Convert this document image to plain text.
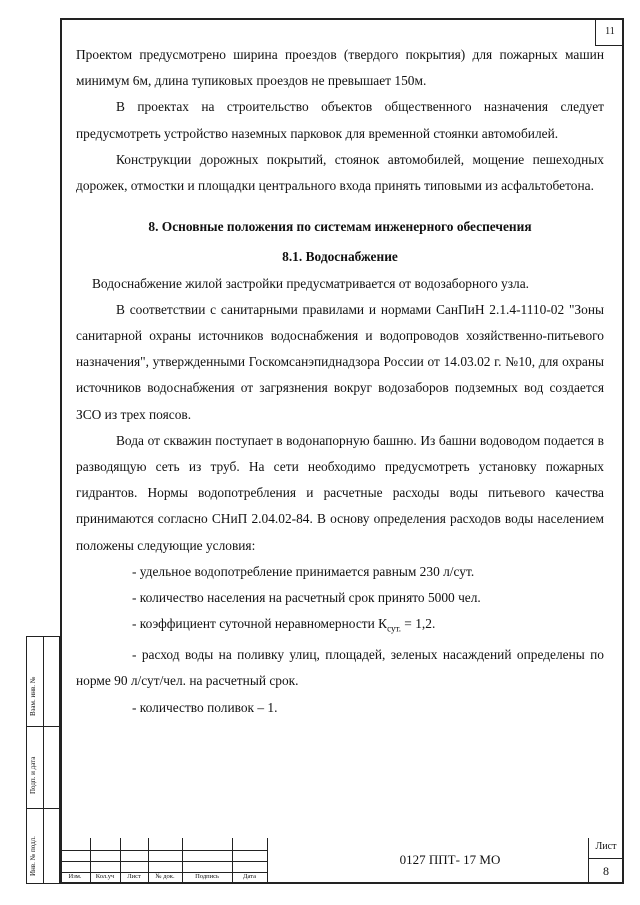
11
Взам. инв. №
Подп. и дата
Инв. № подл.

Проектом предусмотрено ширина проездов (твердого покрытия) для пожарных машин минимум 6м, длина тупиковых проездов не превышает 150м.

В проектах на строительство объектов общественного назначения следует предусмотреть устройство наземных парковок для временной стоянки автомобилей.

Конструкции дорожных покрытий, стоянок автомобилей, мощение пешеходных дорожек, отмостки и площадки центрального входа принять типовыми из асфальтобетона.

8. Основные положения по системам инженерного обеспечения
8.1. Водоснабжение

Водоснабжение жилой застройки предусматривается от водозаборного узла.

В соответствии с санитарными правилами и нормами СанПиН 2.1.4-1110-02 "Зоны санитарной охраны источников водоснабжения и водопроводов хозяйственно-питьевого назначения", утвержденными Госкомсанэпиднадзора России от 14.03.02 г. №10, для охраны источников водоснабжения от загрязнения вокруг водозаборов подземных вод создается ЗСО из трех поясов.

Вода от скважин поступает в водонапорную башню. Из башни водоводом подается в разводящую сеть из труб. На сети необходимо предусмотреть установку пожарных гидрантов. Нормы водопотребления и расчетные расходы воды питьевого качества принимаются согласно СНиП 2.04.02-84. В основу определения расходов воды населением положены следующие условия:

- удельное водопотребление принимается равным 230 л/сут.

- количество населения на расчетный срок принято 5000 чел.

- коэффициент суточной неравномерности $К_{сут.} = 1,2$.

- расход воды на поливку улиц, площадей, зеленых насаждений определены по норме 90 л/сут/чел. на расчетный срок.

- количество поливок – 1.

Изм.	Кол.уч	Лист	№ док.	Подпись	Дата
0127 ППТ- 17 МО
Лист
8
